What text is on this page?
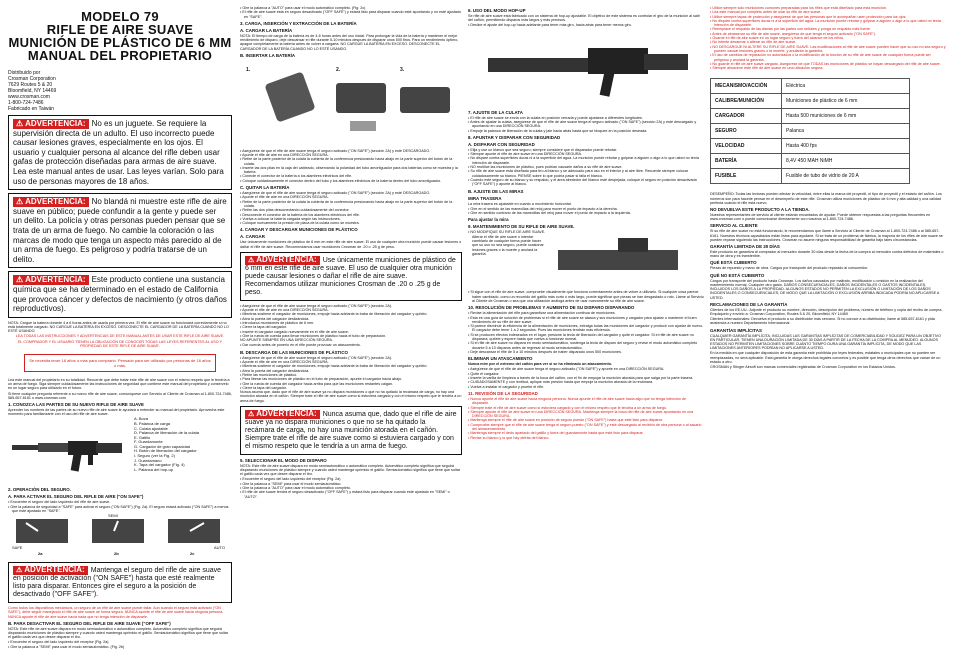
MODELO 79
RIFLE DE AIRE SUAVE
MUNICIÓN DE PLÁSTICO DE 6 MM
MANUAL DEL PROPIETARIO
Distribuido por
Crosman Corporation
7629 Routes 5 & 20
Bloomfield, NY 14469
www.crosman.com
1-800-724-7486
Fabricado en Taiwán
⚠ ADVERTENCIA: No es un juguete. Se requiere la supervisión directa de un adulto. El uso incorrecto puede causar lesiones graves, especialmente en los ojos. El usuario y cualquier persona al alcance del rifle deben usar gafas de protección diseñadas para armas de aire suave. Lea este manual antes de usar. Las leyes varían. Solo para uso de personas mayores de 18 años.
⚠ ADVERTENCIA: No blandá ni muestre este rifle de aire suave en público; puede confundir a la gente y puede ser un delito. La policía y otras personas pueden pensar que se trata de un arma de fuego. No cambie la coloración o las marcas de modo que tenga un aspecto más parecido al de un arma de fuego. Es peligroso y podría tratarse de un delito.
⚠ ADVERTENCIA: Este producto contiene una sustancia química que se ha determinado en el estado de California que provoca cáncer y defectos de nacimiento (y otros daños reproductivos).

NOTA: Cargue la batería durante 4 a 6 horas antes de usarla por primera vez. El rifle de aire suave no funcionará correctamente si no está totalmente cargado. NO CARGUE LA BATERÍA EN EXCESO. DESCONECTE EL CARGADOR DE LA BATERÍA CUANDO NO LO ESTÉ USANDO.

LEA TODAS LAS INSTRUCCIONES Y ADVERTENCIAS DE ESTE MANUAL ANTES DE USAR ESTE RIFLE DE AIRE SUAVE.

EL COMPRADOR Y EL USUARIO TIENEN LA OBLIGACIÓN DE CONOCER TODAS LAS LEYES REFERENTES AL USO Y PROPIEDAD DE ESTE RIFLE DE AIRE SUAVE.

Se necesita tener 18 años o más para comprarlo. Pensado para ser utilizado por personas de 16 años o más.

Lea este manual del propietario en su totalidad. Recuerde que debe tratar este rifle de aire suave con el mismo respeto que le tendría a un arma de fuego. Siga siempre cuidadosamente las instrucciones de seguridad que contiene este manual del propietario y consérvelo en un lugar seguro para utilizarlo en el futuro.

Si tiene cualquier pregunta referente a su nuevo rifle de aire suave, comuníquese con Servicio al Cliente de Crosman al 1-800-724-7486, 585-657-6161 o www.crosman.com

1. CONOZCA LAS PARTES DE SU NUEVO RIFLE DE AIRE SUAVE

Aprender los nombres de las partes de su nuevo rifle de aire suave le ayudará a entender su manual del propietario. Aprovecha este momento para familiarizarte con el uso del rifle de aire suave.

A. Boca
B. Palanca de carga
C. Culata ajustable
D. Palanca de liberación de la culata
E. Gatillo
F. Guardamonte
G. Cargador de gran capacidad
H. Botón de liberación del cargador
I. Seguro (ver la Fig. 2)
J. Guardamano
K. Tapa del cargador (Fig. 4)
L. Palanca del hop-up
2. OPERACIÓN DEL SEGURO.
A. PARA ACTIVAR EL SEGURO DEL RIFLE DE AIRE ("ON SAFE")
• Encuentre el seguro del lado izquierdo del rifle de aire suave.
• Gire la palanca de seguridad a "SAFE" para activar el seguro ("ON SAFE") (Fig. 2a). El seguro estará activado ("ON SAFE") a menos que esté ajustado en "SAFE".
SAFE
SEMI
AUTO
2a	2b	2c
⚠ ADVERTENCIA: Mantenga el seguro del rifle de aire suave en posición de activación ("ON SAFE") hasta que esté realmente listo para disparar. Entonces gire el seguro a la posición de desactivado ("OFF SAFE").

Como todos los dispositivos mecánicos, un seguro de un rifle de aire suave puede fallar. Aun cuando el seguro está activado ("ON SAFE"), debe seguir manejando el rifle de aire suave de forma segura. NUNCA apunte el rifle de aire suave hacia ninguna persona. NUNCA apunte el rifle de aire suave hacia nada que no tenga intención de dispararle.

B. PARA DESACTIVAR EL SEGURO DEL RIFLE DE AIRE SUAVE ("OFF SAFE")

NOTA: Este rifle de aire suave dispara en modo semiautomático o automático completo. Automático completo significa que seguirá disparando municiones de plástico siempre y cuando usted mantenga oprimido el gatillo. Semiautomático significa que tiene que soltar el gatillo cada vez que desee disparar el tiro.

• Encuentre el seguro del lado izquierdo del receptor (Fig. 2a)
• Gire la palanca a "SEMI" para usar el modo semiautomático. (Fig. 2b)
• Gire la palanca a "AUTO" para usar el modo automático completo. (Fig. 2c)
• El rifle de aire suave está en seguro desactivado ("OFF SAFE") y estará listo para disparar cuando esté apuntando y no esté ajustado en "SAFE".
3. CARGA, INSERCIÓN Y EXTRACCIÓN DE LA BATERÍA
A. CARGAR LA BATERÍA

NOTA: El tiempo de carga de la batería es de 4-6 horas antes del uso inicial. Para prolongar la vida de la batería y mantener el mejor rendimiento de disparo, deje descansar el rifle durante 5-10 minutos después de disparar unos 500 tiros. Para un rendimiento óptimo, apague completamente la batería antes de volver a cargarla. NO CARGUE LA BATERÍA EN EXCESO. DESCONECTE EL CARGADOR DE LA BATERÍA CUANDO NO LO ESTÉ USANDO.

B. INSERTAR LA BATERÍA
1.	2.	3.
• Asegúrese de que el rifle de aire suave tenga el seguro activado ("ON SAFE") (sección 2A) y esté DESCARGADO.
• Apunte el rifle de aire en una DIRECCIÓN SEGURA.
• Retire de la parte posterior de la culata la cubierta de la conferencia presionando hacia abajo en la parte superior del botón de la culata.
• Inserte las dos pilas en la caja del cableado, observando la polaridad del tubo amortiguador para dos baterías como se muestra y la batería.
• Conecte el conector de la batería a los alambres eléctricos del rifle.
• Coloque cuidadosamente el conector dentro del tubo y los alambres eléctricos de la batería dentro del tubo amortiguador.
C. QUITAR LA BATERÍA
• Asegúrese de que el rifle de aire suave tenga el seguro activado ("ON SAFE") (sección 2A) y esté DESCARGADO.
• Apunte el rifle de aire en una DIRECCIÓN SEGURA.
• Retire de la parte posterior de la culata la cubierta de la conferencia presionando hacia abajo en la parte superior del botón de la culata.
• Retire las dos pilas desconectando cuidadosamente del conector.
• Desconecte el conector de la batería de los alambres eléctricos del rifle.
• Vuelva a colocar la batería cargada según las instrucciones.
• Coloque nuevamente la presión de placa de la culata como se muestra.
4. CARGAR Y DESCARGAR MUNICIONES DE PLÁSTICO
A. CARGAR

Use únicamente municiones de plástico de 6 mm en este rifle de aire suave. El uso de cualquier otra munición puede causar lesiones o dañar el rifle de aire suave. Recomendamos usar municiones Crosman de .20 o .25 g de peso.

⚠ ADVERTENCIA: Use únicamente municiones de plástico de 6 mm en este rifle de aire suave. El uso de cualquier otra munición puede causar lesiones o dañar el rifle de aire suave. Recomendamos utilizar municiones Crosman de .20 o .25 g de peso.
• Asegúrese de que el rifle de aire suave tenga el seguro activado ("ON SAFE") (sección 2A).
• Apunte el rifle de aire en una DIRECCIÓN SEGURA.
• Mientras sostiene el cargador de municiones, empuje hacia adelante la traba de liberación del cargador y quítelo.
• Abra la puerta del cargador deslizándola.
• Introduzca municiones de plástico de 6 mm.
• Cierre la tapa del cargador.
• Inserte el cargador cargado nuevamente en el rifle de aire suave.
• Gire la rueda de cuerda para llevar municiones de plástico hacia el tubo de preparación.

NO APUNTE SIEMPRE EN UNA DIRECCIÓN SEGURA.

• Dar cuerda antes de ponerlo en el rifle puede provocar un atascamiento.
B. DESCARGA DE LAS MUNICIONES DE PLÁSTICO
• Asegúrese de que el rifle de aire suave tenga el seguro activado ("ON SAFE") (sección 2A).
• Apunte el rifle de aire en una DIRECCIÓN SEGURA.
• Mientras sostiene el cargador de municiones, empuje hacia adelante la traba de liberación del cargador y quítelo.
• Abra la puerta del cargador deslizándola.
• Retire las municiones de plástico.
• Para liberar las municiones de plástico en el tubo de preparación, apunte el cargador hacia abajo.
• Gire la rueda de cuerda del cargador hacia arriba para que las municiones restantes caigan.
• Cierre la tapa del cargador.

Nunca asuma que, dado que el rifle de aire suave ya no dispara municiones o que no ha quitado la recámara de carga, no hay una munición atorada en el cañón. Siempre trate el rifle de aire suave como si estuviera cargado y con el mismo respeto que le tendría a un arma de fuego.

⚠ ADVERTENCIA: Nunca asuma que, dado que el rifle de aire suave ya no dispara municiones o que no se ha quitado la recámara de carga, no hay una munición atorada en el cañón. Siempre trate el rifle de aire suave como si estuviera cargado y con el mismo respeto que le tendría a un arma de fuego.
5. SELECCIONAR EL MODO DE DISPARO

NOTA: Este rifle de aire suave dispara en modo semiautomático o automático completo. Automático completo significa que seguirá disparando municiones de plástico siempre y cuando usted mantenga oprimido el gatillo. Semiautomático significa que tiene que soltar el gatillo cada vez que desee disparar el tiro.

• Encuentre el seguro del lado izquierdo del receptor (Fig. 2a)
• Gire la palanca a "SEMI" para usar el modo semiautomático.
• Gire la palanca a "AUTO" para usar el modo automático completo.
• El rifle de aire suave tendrá el seguro desactivado ("OFF SAFE") y estará listo para disparar cuando esté ajustado en "SEMI" o "AUTO".
6. USO DEL MODO HOP-UP

Se rifle de aire suave está fabricado con un sistema de hop-up ajustable. El objetivo de este sistema es controlar el giro de la munición al salir del cañón, permitiendo disparos más largos y más precisos.

• Deslice el ajuste del hop-up hacia adelante para tener más giro, hacia atrás para tener menos giro.
7. AJUSTE DE LA CULATA
• El rifle de aire suave se envía con la culata en posición cerrada y puede ajustarse a diferentes longitudes.
• Antes de ajustar la culata, asegúrese de que el rifle de aire suave tenga el seguro activado ("ON SAFE") (sección 2A) y esté descargado y apuntando en una DIRECCIÓN SEGURA.
• Empuje la palanca de liberación de la culata y jale hacia atrás hasta que se bloquee en la posición deseada.
8. APUNTAR Y DISPARAR CON SEGURIDAD
A. DISPARAR CON SEGURIDAD
• Elija y use un blanco que sea seguro; siempre considere que el disparador puede rebotar.
• Siempre apunte el rifle de aire suave en una DIRECCIÓN SEGURA.
• No dispare contra superficies duras ni a la superficie del agua. La munición puede rebotar y golpear a alguien o algo a lo que usted no tenía intención de dispararle.
• NO reutilice las municiones de plástico, pues podrían causarle daños a su rifle de aire suave.
• Su rifle de aire suave está diseñado para tiro al blanco y se adecuado para uso en el interior y al aire libre. Recuerde siempre colocar cuidadosamente su blanco. PIENSE sobre lo que podría pasar si falla el blanco.
• Cuando esté seguro de su blanco y su respaldo, y el área alrededor del blanco esté despejada, coloque el seguro en posición desactivada ("OFF SAFE") y apunte al blanco.
B. AJUSTE DE LAS MIRAS
MIRA TRASERA

La mira trasera es ajustable en cuanto a movimiento horizontal.

• Gire en el sentido de las manecillas del reloj para mover el punto de impacto a la derecha.
• Gire en sentido contrario de las manecillas del reloj para mover el punto de impacto a la izquierda.
Para ajustar la mira
9. MANTENIMIENTO DE SU RIFLE DE AIRE SUAVE.
• NO MODIFIQUE SU RIFLE DE AIRE SUAVE. Alterar el rifle de aire suave o intentar cambiarlo de cualquier forma puede hacer que su uso no sea seguro, puede ocasionar lesiones graves o la muerte y anulará la garantía.
• Si sigue con el rifle de aire suave, compruebe visualmente que funciona correctamente antes de volver a utilizarlo. Si cualquier cosa parece haber cambiado, como un recorrido del gatillo más corto o más largo, puede significar que piezas se han desgastado o roto. Llame al Servicio al Cliente de Crosman o sea que una utilización análoga antes de usar nuevamente su rifle de aire suave.
10. RESOLUCIÓN DE PROBLEMAS Y AUMENTO DE SU DISPARO DISPARANDO
• Revise la alimentación del rifle para garantizar una alimentación continua de municiones.
• Esta es una guía de solución de problemas si el rifle de aire suave se atasca y sus municiones y cargador para ajustar o mantener el buen rendimiento de su rifle de aire suave.
• Si parece disminuir la eficiencia de la alimentación de municiones, extraiga todas las municiones del cargador y producir con ajustar de nuevo. El cargador debe tener 1 a 2 segundos. Pues las municiones tendrán más eficiencia.
• Si se producen efectos indeseados en el lugar, presione la tecla de liberación del cargador y quite el cargador. Si el rifle de aire suave no disparará, quítele y espere hasta que vuelva a funcionar normal.
• Si el rifle de aire suave no dispara en modo semiautomático, sostenga la tecla de disparo del seguro y revise el modo automático completo durante 5 a 10 disparos antes de regresar al modo semiautomático.
• Deje descansar el rifle de 5 a 10 minutos después de haber disparado unos 500 municiones.
ELIMINAR UN ATASCAMIENTO

Nunca mire por el extremo del cañón para ver si se ha eliminado un atascamiento.

• Asegúrese de que el rifle de aire suave tenga el seguro activado ("ON SAFE") y apunte en una DIRECCIÓN SEGURA.
• Quite el cargador.
• Inserte la varilla de limpieza a través de la boca del cañón, con el fin de empujar la munición atorada para que salga por la parte trasera.
• CUIDADOSAMENTE y con lentitud, aplique más presión hasta que empuje la munición atorada de la recámara.
• Vuelva a instalar el cargador y pruebe el rifle.
11. REVISIÓN DE LA SEGURIDAD
• Nunca apunte el rifle de aire suave hacia ninguna persona. Nunca apunte el rifle de aire suave hacia algo que no tenga intención de dispararle.
• Siempre trate el rifle de aire suave como si estuviera cargado y con el mismo respeto que le tendría a un arma de fuego.
• Siempre apunte el rifle de aire suave en una DIRECCIÓN SEGURA. Mantenga siempre la boca del rifle de aire suave apuntando en una DIRECCIÓN SEGURA.
• Mantenga siempre el rifle de aire suave en posición de seguro puesto ("ON SAFE") hasta que esté listo para disparar.
• Compruebe siempre que el rifle de aire suave tenga el seguro puesto ("ON SAFE") y esté descargado al recibirlo de otra persona o al sacarlo del almacenamiento.
• Mantenga siempre el dedo apartado del gatillo y fuera del guardamonte hasta que esté listo para disparar.
• Revise su blanco y lo que hay detrás del blanco.
• Utilice siempre sólo municiones comunes preparadas para los rifles que está diseñado para esta munición.
• Lea este manual por completo antes de usar su rifle de aire suave.
• Utilice siempre tapas de protección y asegúrese de que las personas que le acompañan usen protección para los ojos.
• No dispare contra superficies duras ni a la superficie del agua. La munición puede rebotar y golpear a alguien o algo a lo que usted no tenía intención de dispararle.
• Reemplace el respaldo de las dianas por las partes con señales y ponga un respaldo más fuerte.
• Antes de almacenar su rifle de aire suave, asegúrese de que tenga el seguro activado ("ON SAFE").
• Guarde el rifle de aire suave en un lugar seguro y fuera del alcance de los niños.
• No intente desarmar o alterar su rifle de aire suave.
• NO DESCARGUE NI ALTERE SU RIFLE DE AIRE SUAVE. Las modificaciones al rifle de aire suave pueden hacer que su uso no sea seguro y pueden causar lesiones graves o la muerte, y anularán la garantía.
• El uso de cambios de reparación no autorizados o la modificación de la función de su rifle de aire suave de cualquier forma puede ser peligroso y anulará la garantía.
• No guarde el rifle de aire suave cargado. Asegúrese de que TODAS las municiones de plástico se hayan descargado del rifle de aire suave.
• Siempre almacene este rifle de aire suave en una ubicación segura.
MECANISMO/ACCIÓN	Eléctrica
CALIBRE/MUNICIÓN	Municiones de plástico de 6 mm
CARGADOR	Hasta 500 municiones de 6 mm
SEGURO	Palanca
VELOCIDAD	Hasta 400 fps
BATERÍA	8,4V 450 MAH NiMH
FUSIBLE	Fusible de tubo de vidrio de 20 A

DESEMPEÑO: Todas las lecturas pueden afectar la velocidad, entre ellas la marca del proyectil, el tipo de proyectil y el estado del cañón. Los números son para hacerle pensar en el desempeño de este rifle. Crosman utiliza municiones de plástico de 6 mm y alta calidad y una calidad perfecta cuando el rifle está nuevo.

NO DEVUELVA ESTE PRODUCTO A LA TIENDA.

Nuestros representantes de servicio al cliente estarán encantados de ayudar. Puede obtener respuestas a las preguntas frecuentes en www.crosman.com o puede comunicarse directamente con nosotros al 1-800-724-7486.

SERVICIO AL CLIENTE

Si su rifle de aire suave no está funcionando, le recomendamos que llame a Servicio al Cliente de Crosman al 1-800-724-7486 o al 585-657-6161. Nuestros técnicos capacitados están listos para ayudarle. Si se trata de un problema de fábrica, la mayoría de los rifles de aire suave se pueden reparar siguiendo las instrucciones. Crosman no asume ninguna responsabilidad de garantía bajo tales circunstancias.

GARANTÍA LIMITADA DE 30 DÍAS

Este producto se garantiza al comprador al menudeo durante 30 días desde la fecha de la compra al menudeo contra defectos de materiales o mano de obra y es transferible.

QUÉ ESTÁ CUBIERTO

Piezas de repuesto y mano de obra. Cargos por transporte del producto reparado al consumidor.

QUÉ NO ESTÁ CUBIERTO

Cargos por transporte del producto hasta Crosman. Los daños causados por maltrato, modificación u omisión en la realización del mantenimiento normal. Cualquier otro gasto. DAÑOS CONSECUENCIALES, DAÑOS INCIDENTALES O GASTOS INCIDENTALES, INCLUIDOS LOS DAÑOS A LA PROPIEDAD. ALGUNOS ESTADOS NO PERMITEN LA EXCLUSIÓN O LIMITACIÓN DE LOS DAÑOS INCIDENTALES O CONSECUENCIALES, DE MODO QUE LA LIMITACIÓN O EXCLUSIÓN ARRIBA INDICADA PODRÍA NO APLICARSE A USTED.

RECLAMACIONES DE LA GARANTÍA

Clientes de los EE.UU.: Adjunte el producto su nombre, dirección, descripción del problema, número de teléfono y copia del recibo de compra. Empáquelo y envíelo a: Crosman Corporation, Routes 5 & 20, Bloomfield, NY 14469

Clientes internacionales: Devuelva el producto a su distribuidor más cercano. Si no conoce a su distribuidor, llame al 585-657-6161 y pida asistencia a nuestro Departamento Internacional.

GARANTÍAS IMPLÍCITAS

CUALQUIER GARANTÍA IMPLÍCITA, INCLUIDAS LAS GARANTÍAS IMPLÍCITAS DE COMERCIABILIDAD Y SOLIDEZ PARA UN OBJETIVO EN PARTICULAR, TIENEN UNA DURACIÓN LIMITADA DE 30 DÍAS A PARTIR DE LA FECHA DE LA COMPRA AL MENUDEO. ALGUNOS ESTADOS NO PERMITEN LIMITACIONES SOBRE CUÁNTO TIEMPO DURA UNA GARANTÍA IMPLÍCITA, DE MODO QUE LAS LIMITACIONES ANTERIORES PODRÍAN NO APLICARSE A USTED.

En la medida en que cualquier disposición de esta garantía esté prohibida por leyes federales, estatales o municipales que no pueden ser reemplazadas, no será aplicable. Esta garantía le otorga derechos legales concretos y es posible que tenga otros derechos que varían de un estado a otro.

CROSMAN y Stinger Airsoft son marcas comerciales registradas de Crosman Corporation en los Estados Unidos.
